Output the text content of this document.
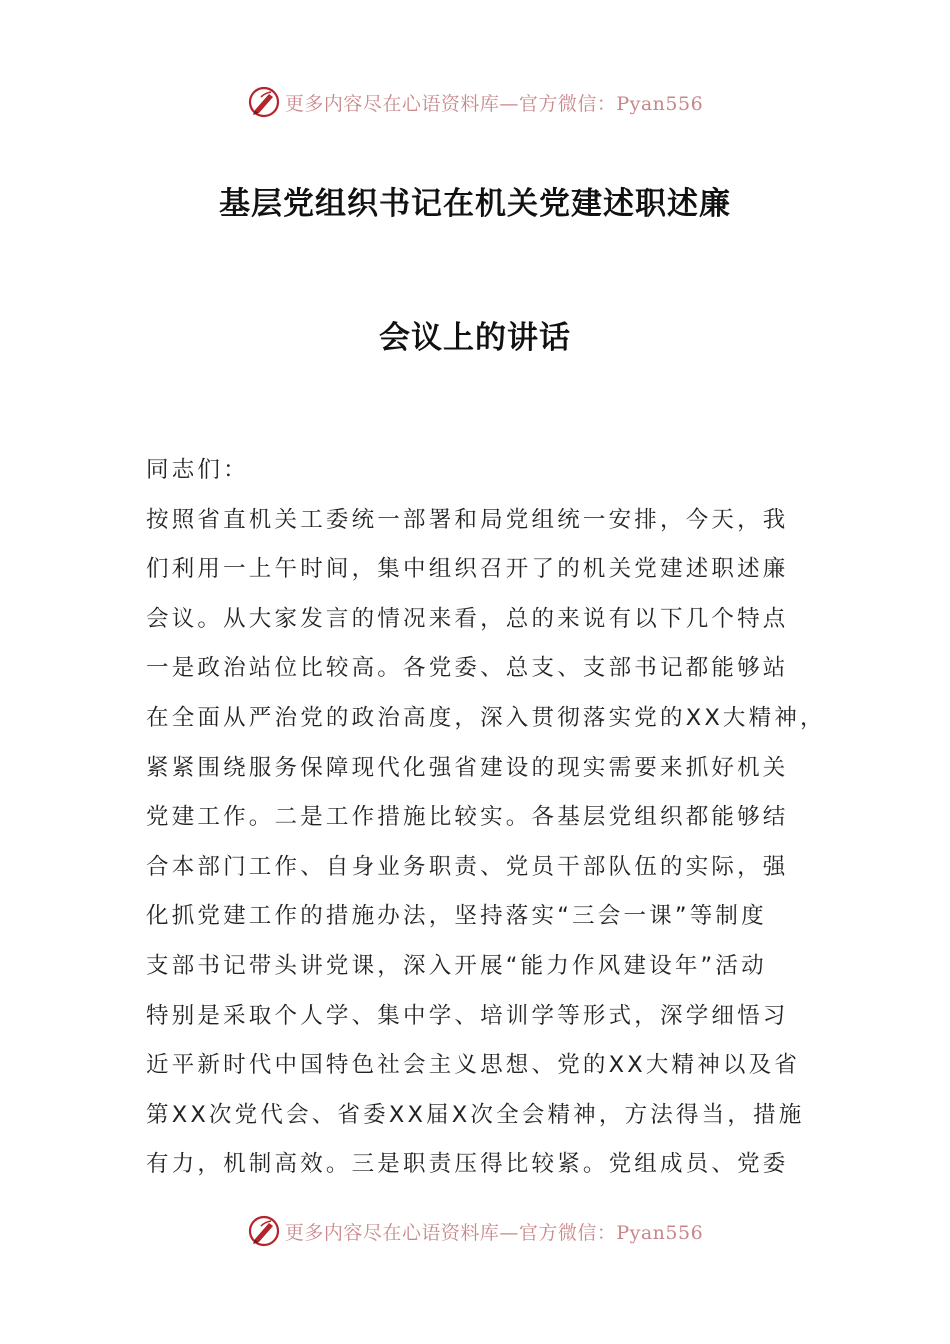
更多内容尽在心语资料库—官方微信：Pyan556
基层党组织书记在机关党建述职述廉
会议上的讲话
同志们：
按照省直机关工委统一部署和局党组统一安排，今天，我
们利用一上午时间，集中组织召开了的机关党建述职述廉
会议。从大家发言的情况来看，总的来说有以下几个特点
一是政治站位比较高。各党委、总支、支部书记都能够站
在全面从严治党的政治高度，深入贯彻落实党的XX大精神，
紧紧围绕服务保障现代化强省建设的现实需要来抓好机关
党建工作。二是工作措施比较实。各基层党组织都能够结
合本部门工作、自身业务职责、党员干部队伍的实际，强
化抓党建工作的措施办法，坚持落实“三会一课”等制度
支部书记带头讲党课，深入开展“能力作风建设年”活动
特别是采取个人学、集中学、培训学等形式，深学细悟习
近平新时代中国特色社会主义思想、党的XX大精神以及省
第XX次党代会、省委XX届X次全会精神，方法得当，措施
有力，机制高效。三是职责压得比较紧。党组成员、党委
更多内容尽在心语资料库—官方微信：Pyan556
